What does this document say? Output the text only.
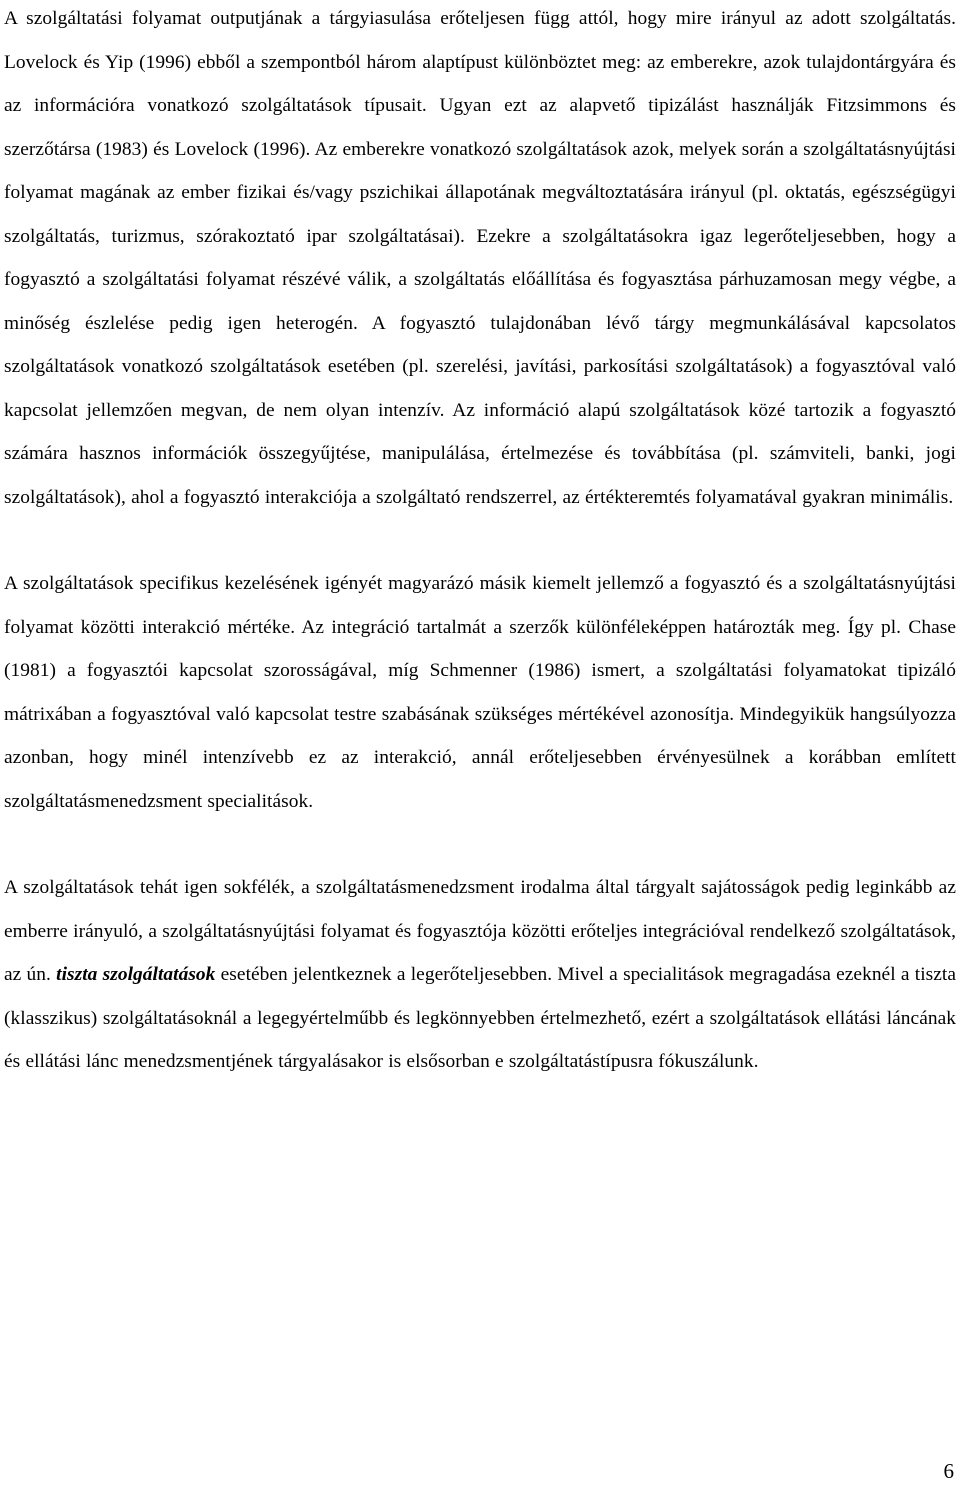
A szolgáltatási folyamat outputjának a tárgyiasulása erőteljesen függ attól, hogy mire irányul az adott szolgáltatás. Lovelock és Yip (1996) ebből a szempontból három alaptípust különböztet meg: az emberekre, azok tulajdontárgyára és az információra vonatkozó szolgáltatások típusait. Ugyan ezt az alapvető tipizálást használják Fitzsimmons és szerzőtársa (1983) és Lovelock (1996). Az emberekre vonatkozó szolgáltatások azok, melyek során a szolgáltatásnyújtási folyamat magának az ember fizikai és/vagy pszichikai állapotának megváltoztatására irányul (pl. oktatás, egészségügyi szolgáltatás, turizmus, szórakoztató ipar szolgáltatásai). Ezekre a szolgáltatásokra igaz legerőteljesebben, hogy a fogyasztó a szolgáltatási folyamat részévé válik, a szolgáltatás előállítása és fogyasztása párhuzamosan megy végbe, a minőség észlelése pedig igen heterogén. A fogyasztó tulajdonában lévő tárgy megmunkálásával kapcsolatos szolgáltatások vonatkozó szolgáltatások esetében (pl. szerelési, javítási, parkosítási szolgáltatások) a fogyasztóval való kapcsolat jellemzően megvan, de nem olyan intenzív. Az információ alapú szolgáltatások közé tartozik a fogyasztó számára hasznos információk összegyűjtése, manipulálása, értelmezése és továbbítása (pl. számviteli, banki, jogi szolgáltatások), ahol a fogyasztó interakciója a szolgáltató rendszerrel, az értékteremtés folyamatával gyakran minimális.

A szolgáltatások specifikus kezelésének igényét magyarázó másik kiemelt jellemző a fogyasztó és a szolgáltatásnyújtási folyamat közötti interakció mértéke. Az integráció tartalmát a szerzők különféleképpen határozták meg. Így pl. Chase (1981) a fogyasztói kapcsolat szorosságával, míg Schmenner (1986) ismert, a szolgáltatási folyamatokat tipizáló mátrixában a fogyasztóval való kapcsolat testre szabásának szükséges mértékével azonosítja. Mindegyikük hangsúlyozza azonban, hogy minél intenzívebb ez az interakció, annál erőteljesebben érvényesülnek a korábban említett szolgáltatásmenedzsment specialitások.

A szolgáltatások tehát igen sokfélék, a szolgáltatásmenedzsment irodalma által tárgyalt sajátosságok pedig leginkább az emberre irányuló, a szolgáltatásnyújtási folyamat és fogyasztója közötti erőteljes integrációval rendelkező szolgáltatások, az ún. tiszta szolgáltatások esetében jelentkeznek a legerőteljesebben. Mivel a specialitások megragadása ezeknél a tiszta (klasszikus) szolgáltatásoknál a legegyértelműbb és legkönnyebben értelmezhető, ezért a szolgáltatások ellátási láncának és ellátási lánc menedzsmentjének tárgyalásakor is elsősorban e szolgáltatástípusra fókuszálunk.

6
